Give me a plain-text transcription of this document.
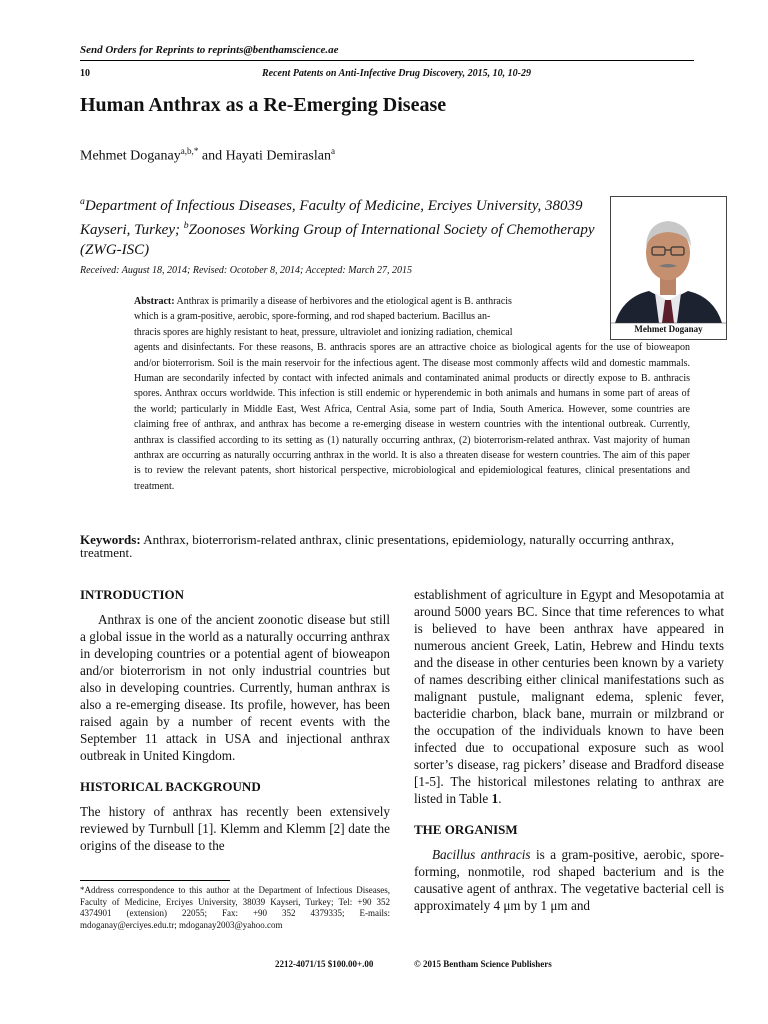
Send Orders for Reprints to reprints@benthamscience.ae
10	Recent Patents on Anti-Infective Drug Discovery, 2015, 10, 10-29
Human Anthrax as a Re-Emerging Disease
Mehmet Doganay$^{a,b,*}$ and Hayati Demiraslan$^a$
$^a$Department of Infectious Diseases, Faculty of Medicine, Erciyes University, 38039 Kayseri, Turkey; $^b$Zoonoses Working Group of International Society of Chemotherapy (ZWG-ISC)
Received: August 18, 2014; Revised: Ocotober 8, 2014; Accepted: March 27, 2015
Mehmet Doganay

Abstract: Anthrax is primarily a disease of herbivores and the etiological agent is B. anthracis
which is a gram-positive, aerobic, spore-forming, and rod shaped bacterium. Bacillus an-
thracis spores are highly resistant to heat, pressure, ultraviolet and ionizing radiation, chemical
agents and disinfectants. For these reasons, B. anthracis spores are an attractive choice as biological agents for the use of bioweapon and/or bioterrorism. Soil is the main reservoir for the infectious agent. The disease most commonly affects wild and domestic mammals. Human are secondarily infected by contact with infected animals and contaminated animal products or directly expose to B. anthracis spores. Anthrax occurs worldwide. This infection is still endemic or hyperendemic in both animals and humans in some part of areas of the world; particularly in Middle East, West Africa, Central Asia, some part of India, South America. However, some countries are claiming free of anthrax, and anthrax has become a re-emerging disease in western countries with the intentional outbreak. Currently, anthrax is classified according to its setting as (1) naturally occurring anthrax, (2) bioterrorism-related anthrax. Vast majority of human anthrax are occurring as naturally occurring anthrax in the world. It is also a threaten disease for western countries. The aim of this paper is to review the relevant patents, short historical perspective, microbiological and epidemiological features, clinical presentations and treatment.

Keywords: Anthrax, bioterrorism-related anthrax, clinic presentations, epidemiology, naturally occurring anthrax, treatment.
INTRODUCTION

Anthrax is one of the ancient zoonotic disease but still a global issue in the world as a naturally occurring anthrax in developing countries or a potential agent of bioweapon and/or bioterrorism in not only industrial countries but also in developing countries. Currently, human anthrax is also a re-emerging disease. Its profile, however, has been raised again by a number of recent events with the September 11 attack in USA and injectional anthrax outbreak in United Kingdom.

HISTORICAL BACKGROUND

The history of anthrax has recently been extensively reviewed by Turnbull [1]. Klemm and Klemm [2] date the origins of the disease to the

establishment of agriculture in Egypt and Mesopotamia at around 5000 years BC. Since that time references to what is believed to have been anthrax have appeared in numerous ancient Greek, Latin, Hebrew and Hindu texts and the disease in other centuries been known by a variety of names describing either clinical manifestations such as malignant pustule, malignant edema, splenic fever, bacteridie charbon, black bane, murrain or milzbrand or the occupation of the individuals known to have been infected due to occupational exposure such as wool sorter’s disease, rag pickers’ disease and Bradford disease [1-5]. The historical milestones relating to anthrax are listed in Table 1.

THE ORGANISM

Bacillus anthracis is a gram-positive, aerobic, spore-forming, nonmotile, rod shaped bacterium and is the causative agent of anthrax. The vegetative bacterial cell is approximately 4 μm by 1 μm and

*Address correspondence to this author at the Department of Infectious Diseases, Faculty of Medicine, Erciyes University, 38039 Kayseri, Turkey; Tel: +90 352 4374901 (extension) 22055; Fax: +90 352 4379335; E-mails: mdoganay@erciyes.edu.tr; mdoganay2003@yahoo.com
2212-4071/15 $100.00+.00	© 2015 Bentham Science Publishers
